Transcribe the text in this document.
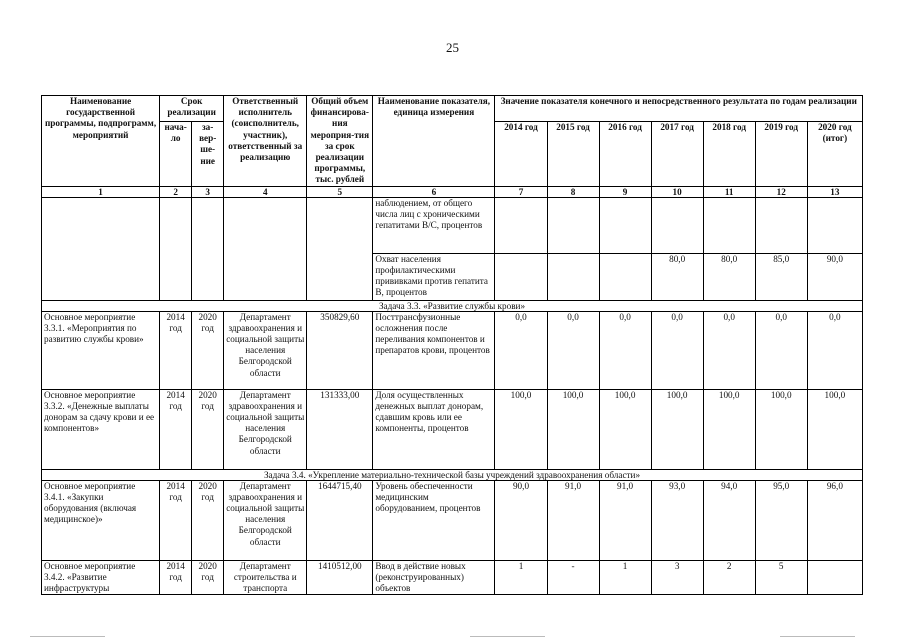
25
Наименование государственной программы, подпрограмм, мероприятий	Срок реализации		Ответственный исполнитель (соисполнитель, участник), ответственный за реализацию	Общий объем финансирова-ния мероприя-тия за срок реализации программы, тыс. рублей	Наименование показателя, единица измерения	Значение показателя конечного и непосредственного результата по годам реализации						
	нача-ло	за-вер-ше-ние				2014 год	2015 год	2016 год	2017 год	2018 год	2019 год	2020 год (итог)
1	2	3	4	5	6	7	8	9	10	11	12	13
					наблюдением, от общего числа лиц с хроническими гепатитами В/С, процентов							
					Охват населения профилактическими прививками против гепатита В, процентов				80,0	80,0	85,0	90,0
Задача 3.3. «Развитие службы крови»												
Основное мероприятие 3.3.1. «Мероприятия по развитию службы крови»	2014 год	2020 год	Департамент здравоохранения и социальной защиты населения Белгородской области	350829,60	Посттрансфузионные осложнения после переливания компонентов и препаратов крови, процентов	0,0	0,0	0,0	0,0	0,0	0,0	0,0
Основное мероприятие 3.3.2. «Денежные выплаты донорам за сдачу крови и ее компонентов»	2014 год	2020 год	Департамент здравоохранения и социальной защиты населения Белгородской области	131333,00	Доля осуществленных денежных выплат донорам, сдавшим кровь или ее компоненты, процентов	100,0	100,0	100,0	100,0	100,0	100,0	100,0
Задача 3.4. «Укрепление материально-технической базы учреждений здравоохранения области»												
Основное мероприятие 3.4.1. «Закупки оборудования (включая медицинское)»	2014 год	2020 год	Департамент здравоохранения и социальной защиты населения Белгородской области	1644715,40	Уровень обеспеченности медицинским оборудованием, процентов	90,0	91,0	91,0	93,0	94,0	95,0	96,0
Основное мероприятие 3.4.2. «Развитие инфраструктуры	2014 год	2020 год	Департамент строительства и транспорта	1410512,00	Ввод в действие новых (реконструированных) объектов	1	-	1	3	2	5	
